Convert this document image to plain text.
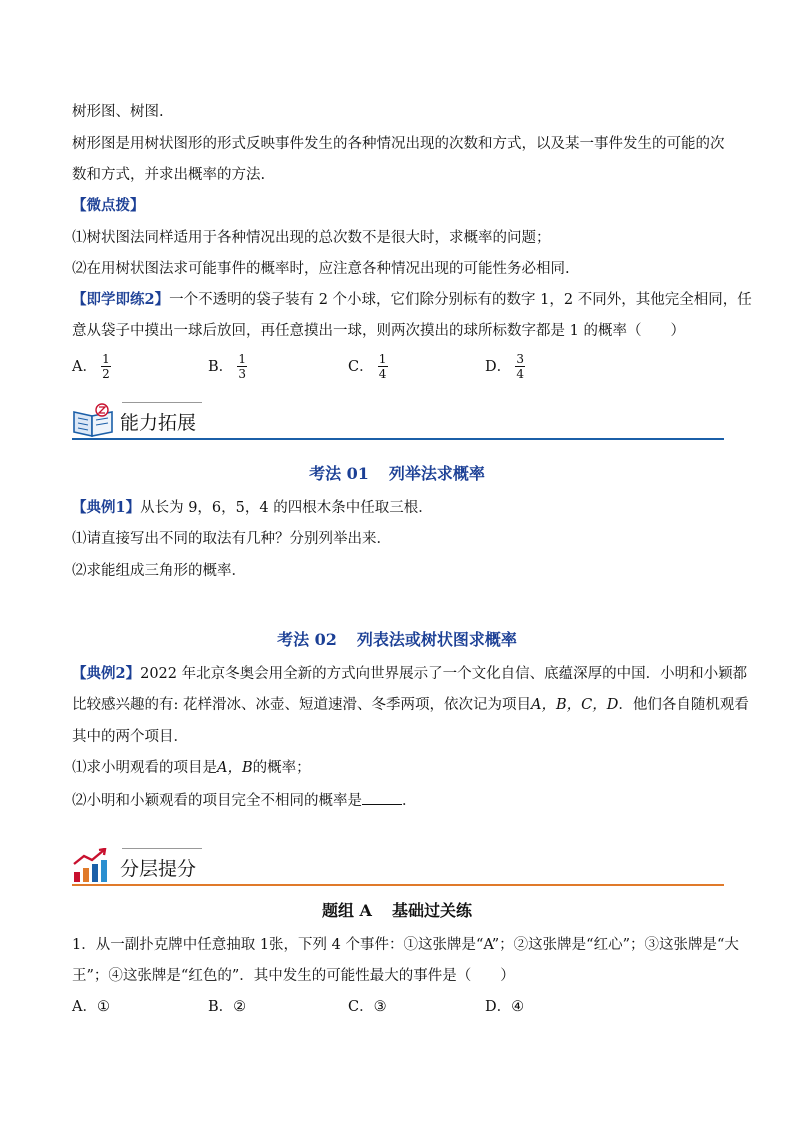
树形图、树图.
树形图是用树状图形的形式反映事件发生的各种情况出现的次数和方式，以及某一事件发生的可能的次
数和方式，并求出概率的方法.
【微点拨】
⑴树状图法同样适用于各种情况出现的总次数不是很大时，求概率的问题；
⑵在用树状图法求可能事件的概率时，应注意各种情况出现的可能性务必相同.
【即学即练2】一个不透明的袋子装有 2 个小球，它们除分别标有的数字 1，2 不同外，其他完全相同，任
意从袋子中摸出一球后放回，再任意摸出一球，则两次摸出的球所标数字都是 1 的概率（　　）
A． $\frac{1}{2}$	B． $\frac{1}{3}$	C． $\frac{1}{4}$	D． $\frac{3}{4}$
能力拓展
考法 01 列举法求概率
【典例1】从长为 9，6，5，4 的四根木条中任取三根．
⑴请直接写出不同的取法有几种？分别列举出来．
⑵求能组成三角形的概率．
考法 02 列表法或树状图求概率
【典例2】2022 年北京冬奥会用全新的方式向世界展示了一个文化自信、底蕴深厚的中国．小明和小颖都
比较感兴趣的有: 花样滑冰、冰壶、短道速滑、冬季两项，依次记为项目A，B，C，D．他们各自随机观看
其中的两个项目．
⑴求小明观看的项目是A，B的概率；
⑵小明和小颖观看的项目完全不相同的概率是	．
分层提分
题组 A 基础过关练
1．从一副扑克牌中任意抽取 1张，下列 4 个事件：①这张牌是“A”；②这张牌是“红心”；③这张牌是“大
王”；④这张牌是“红色的”．其中发生的可能性最大的事件是（　　）
A． ①	B． ②	C． ③	D． ④
